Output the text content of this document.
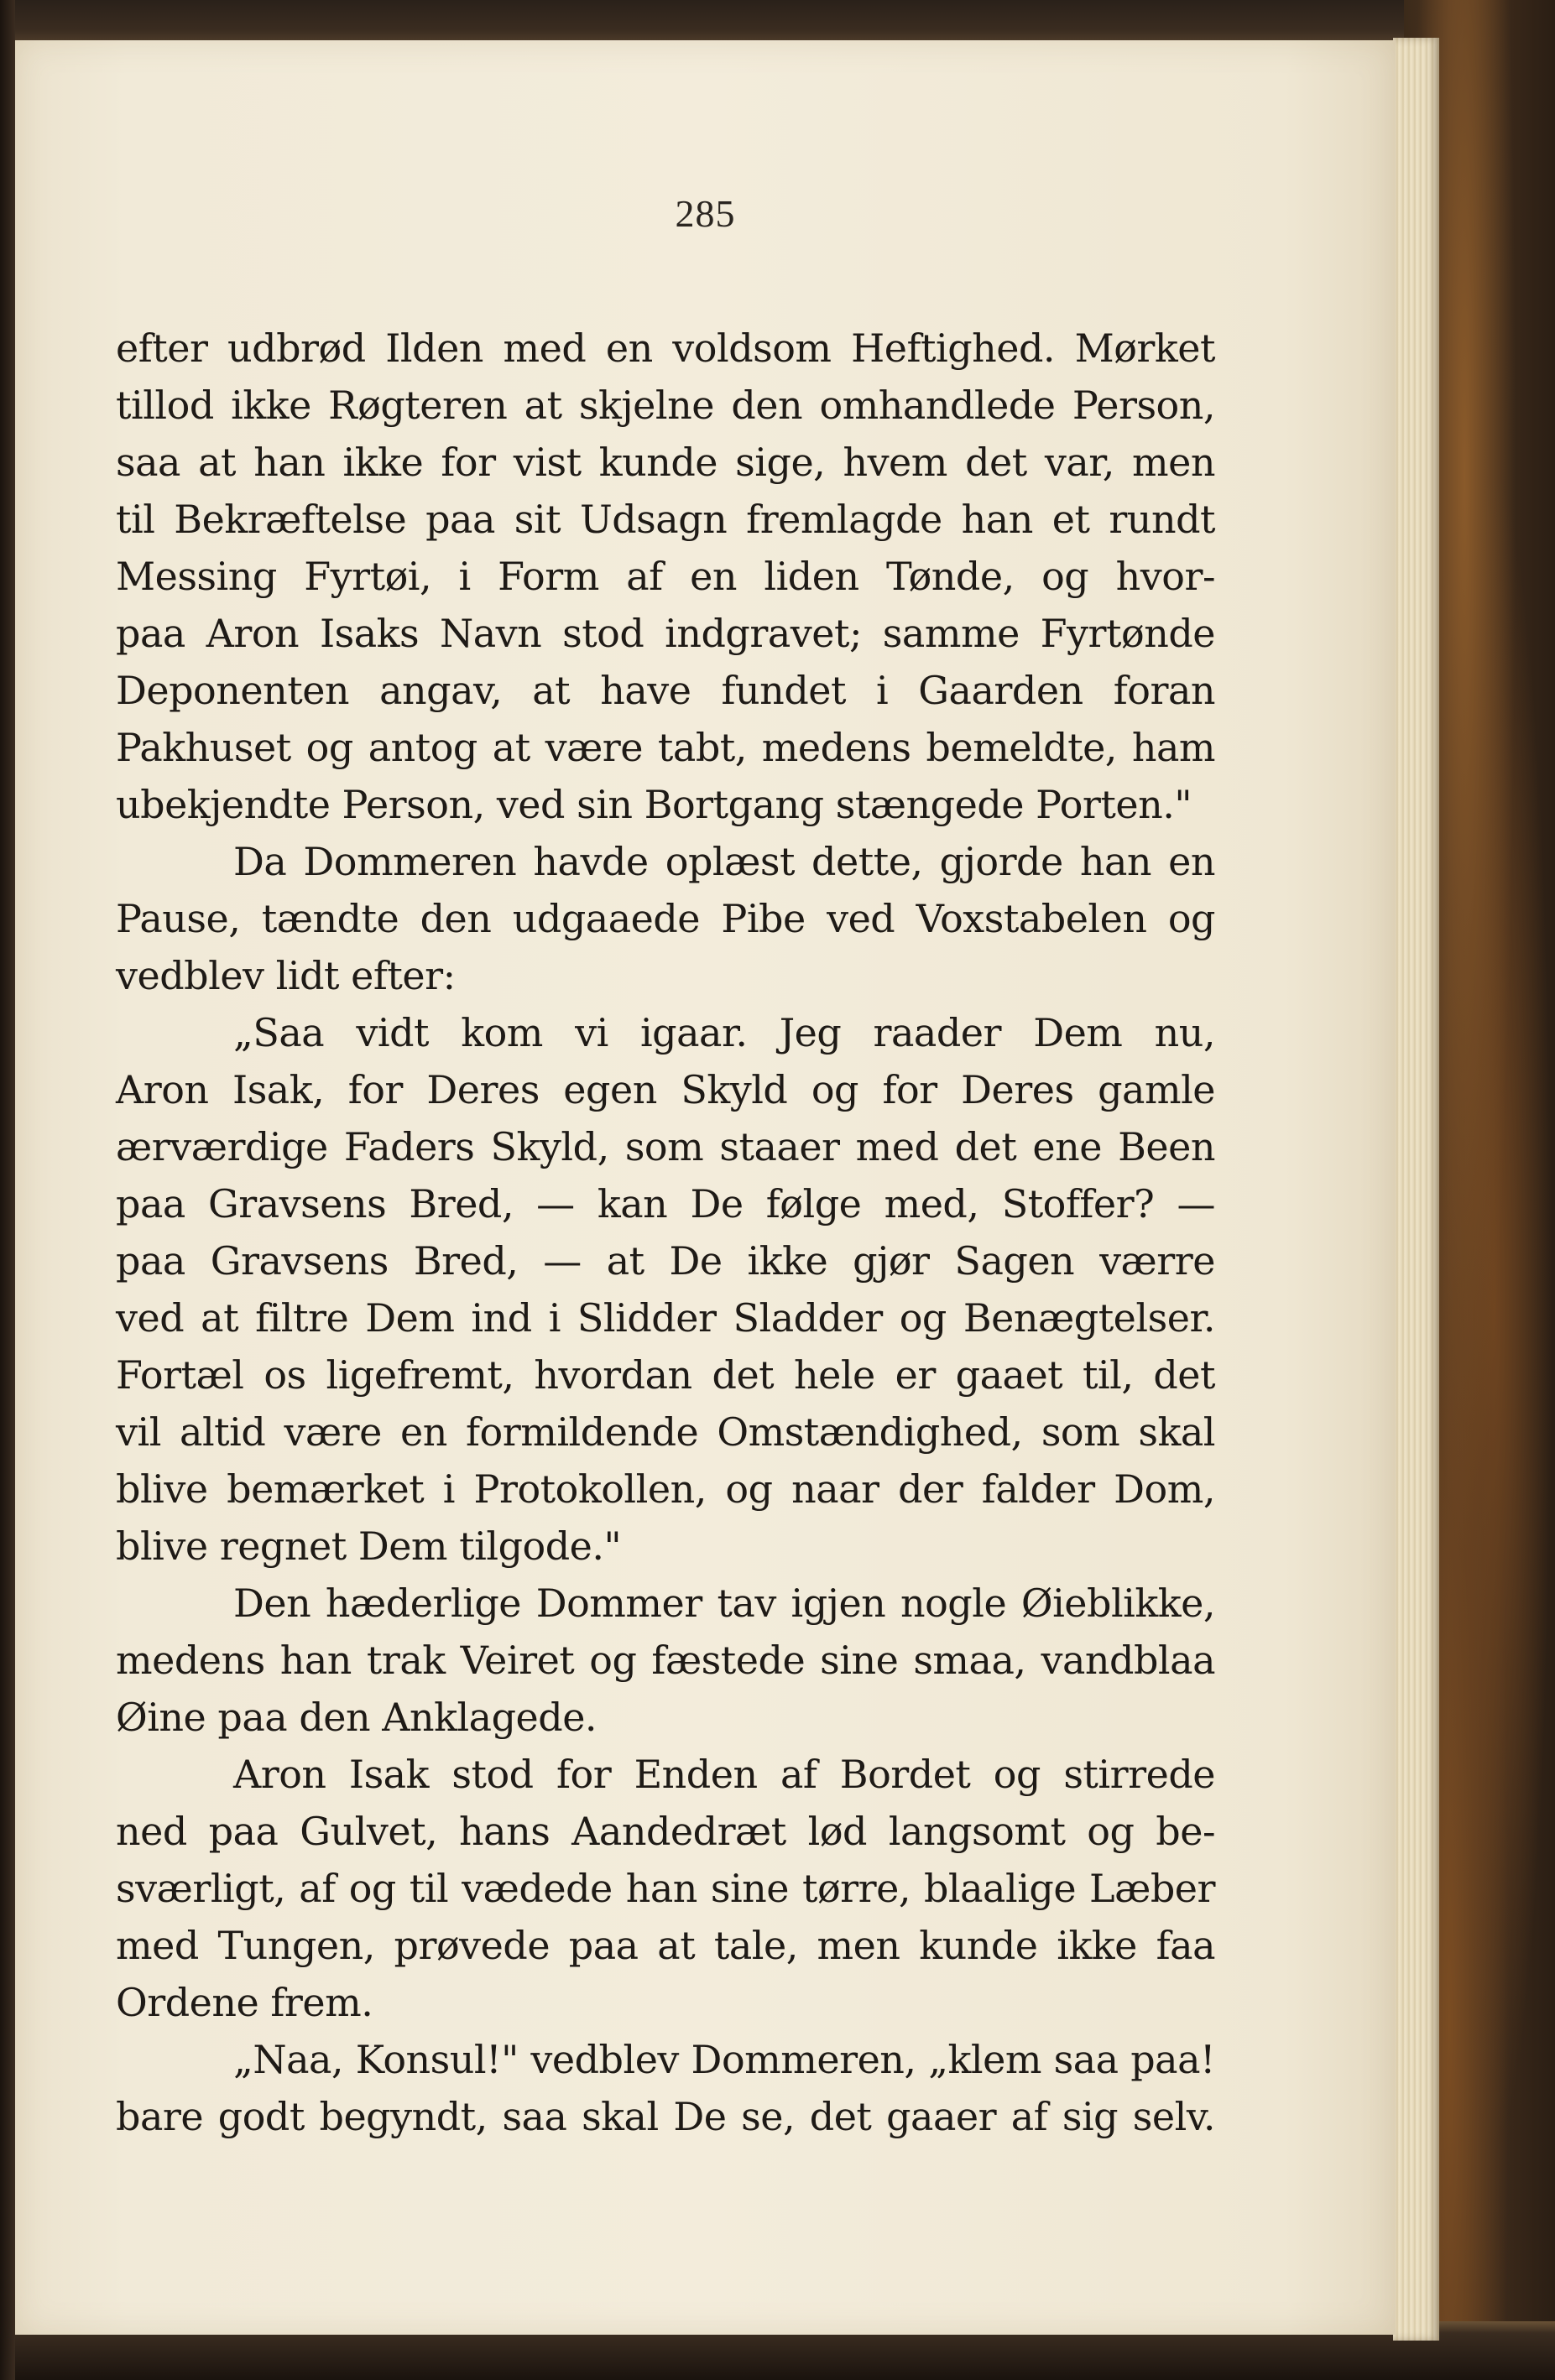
285
efter udbrød Ilden med en voldsom Heftighed. Mørket
tillod ikke Røgteren at skjelne den omhandlede Person,
saa at han ikke for vist kunde sige, hvem det var, men
til Bekræftelse paa sit Udsagn fremlagde han et rundt
Messing Fyrtøi, i Form af en liden Tønde, og hvor-
paa Aron Isaks Navn stod indgravet; samme Fyrtønde
Deponenten angav, at have fundet i Gaarden foran
Pakhuset og antog at være tabt, medens bemeldte, ham
ubekjendte Person, ved sin Bortgang stængede Porten."
Da Dommeren havde oplæst dette, gjorde han en
Pause, tændte den udgaaede Pibe ved Voxstabelen og
vedblev lidt efter:
„Saa vidt kom vi igaar. Jeg raader Dem nu,
Aron Isak, for Deres egen Skyld og for Deres gamle
ærværdige Faders Skyld, som staaer med det ene Been
paa Gravsens Bred, — kan De følge med, Stoffer? —
paa Gravsens Bred, — at De ikke gjør Sagen værre
ved at filtre Dem ind i Slidder Sladder og Benægtelser.
Fortæl os ligefremt, hvordan det hele er gaaet til, det
vil altid være en formildende Omstændighed, som skal
blive bemærket i Protokollen, og naar der falder Dom,
blive regnet Dem tilgode."
Den hæderlige Dommer tav igjen nogle Øieblikke,
medens han trak Veiret og fæstede sine smaa, vandblaa
Øine paa den Anklagede.
Aron Isak stod for Enden af Bordet og stirrede
ned paa Gulvet, hans Aandedræt lød langsomt og be-
sværligt, af og til vædede han sine tørre, blaalige Læber
med Tungen, prøvede paa at tale, men kunde ikke faa
Ordene frem.
„Naa, Konsul!" vedblev Dommeren, „klem saa paa!
bare godt begyndt, saa skal De se, det gaaer af sig selv.
